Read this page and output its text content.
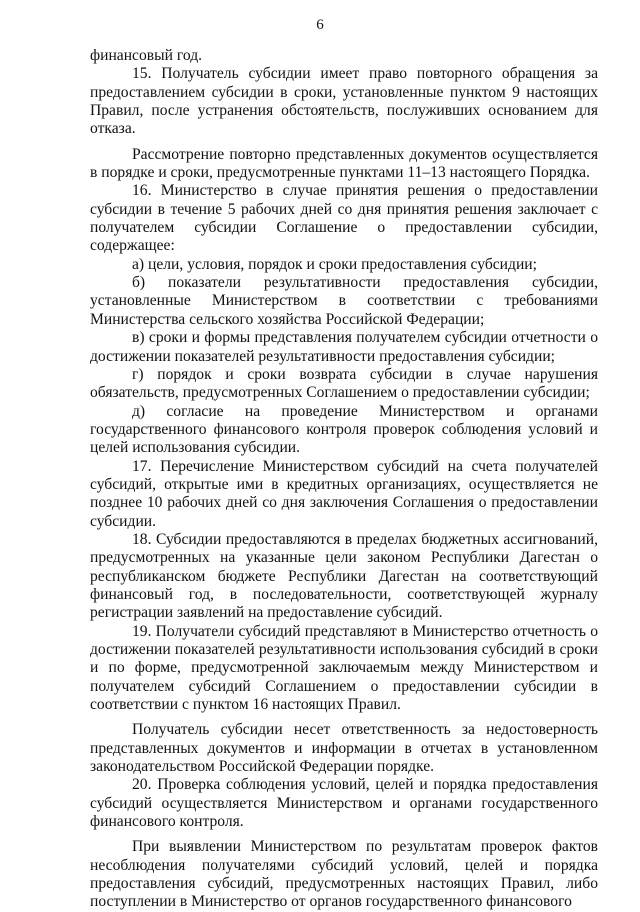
6

финансовый год.

15. Получатель субсидии имеет право повторного обращения за предоставлением субсидии в сроки, установленные пунктом 9 настоящих Правил, после устранения обстоятельств, послуживших основанием для отказа.

Рассмотрение повторно представленных документов осуществляется в порядке и сроки, предусмотренные пунктами 11–13 настоящего Порядка.

16. Министерство в случае принятия решения о предоставлении субсидии в течение 5 рабочих дней со дня принятия решения заключает с получателем субсидии Соглашение о предоставлении субсидии, содержащее:

а) цели, условия, порядок и сроки предоставления субсидии;

б) показатели результативности предоставления субсидии, установленные Министерством в соответствии с требованиями Министерства сельского хозяйства Российской Федерации;

в) сроки и формы представления получателем субсидии отчетности о достижении показателей результативности предоставления субсидии;

г) порядок и сроки возврата субсидии в случае нарушения обязательств, предусмотренных Соглашением о предоставлении субсидии;

д) согласие на проведение Министерством и органами государственного финансового контроля проверок соблюдения условий и целей использования субсидии.

17. Перечисление Министерством субсидий на счета получателей субсидий, открытые ими в кредитных организациях, осуществляется не позднее 10 рабочих дней со дня заключения Соглашения о предоставлении субсидии.

18. Субсидии предоставляются в пределах бюджетных ассигнований, предусмотренных на указанные цели законом Республики Дагестан о республиканском бюджете Республики Дагестан на соответствующий финансовый год, в последовательности, соответствующей журналу регистрации заявлений на предоставление субсидий.

19. Получатели субсидий представляют в Министерство отчетность о достижении показателей результативности использования субсидий в сроки и по форме, предусмотренной заключаемым между Министерством и получателем субсидий Соглашением о предоставлении субсидии в соответствии с пунктом 16 настоящих Правил.

Получатель субсидии несет ответственность за недостоверность представленных документов и информации в отчетах в установленном законодательством Российской Федерации порядке.

20. Проверка соблюдения условий, целей и порядка предоставления субсидий осуществляется Министерством и органами государственного финансового контроля.

При выявлении Министерством по результатам проверок фактов несоблюдения получателями субсидий условий, целей и порядка предоставления субсидий, предусмотренных настоящих Правил, либо поступлении в Министерство от органов государственного финансового
